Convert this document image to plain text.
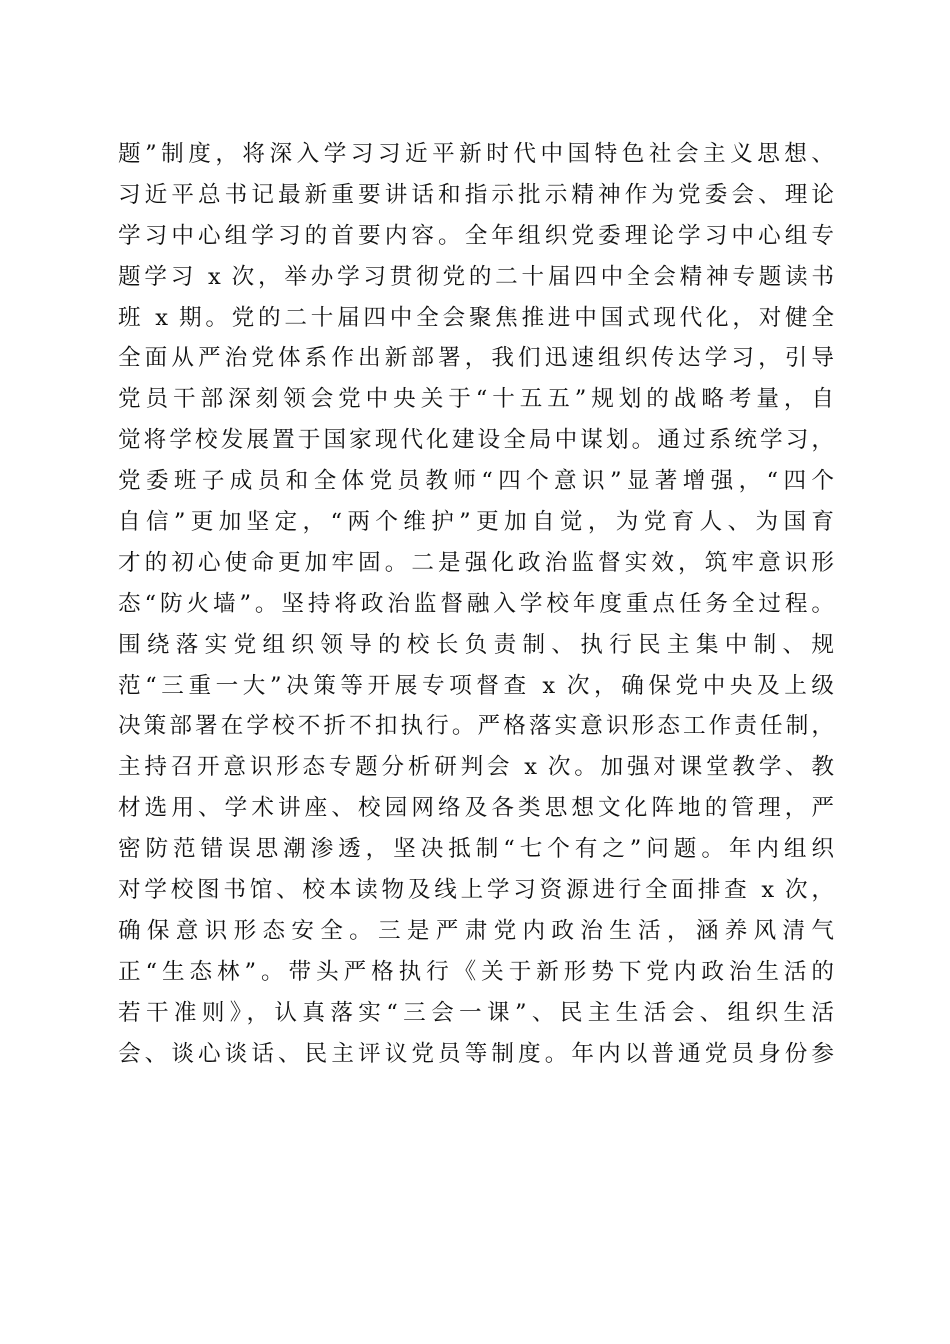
题”制度，将深入学习习近平新时代中国特色社会主义思想、
习近平总书记最新重要讲话和指示批示精神作为党委会、理论
学习中心组学习的首要内容。全年组织党委理论学习中心组专
题学习 x 次，举办学习贯彻党的二十届四中全会精神专题读书
班 x 期。党的二十届四中全会聚焦推进中国式现代化，对健全
全面从严治党体系作出新部署，我们迅速组织传达学习，引导
党员干部深刻领会党中央关于“十五五”规划的战略考量，自
觉将学校发展置于国家现代化建设全局中谋划。通过系统学习，
党委班子成员和全体党员教师“四个意识”显著增强，“四个
自信”更加坚定，“两个维护”更加自觉，为党育人、为国育
才的初心使命更加牢固。二是强化政治监督实效，筑牢意识形
态“防火墙”。坚持将政治监督融入学校年度重点任务全过程。
围绕落实党组织领导的校长负责制、执行民主集中制、规
范“三重一大”决策等开展专项督查 x 次，确保党中央及上级
决策部署在学校不折不扣执行。严格落实意识形态工作责任制，
主持召开意识形态专题分析研判会 x 次。加强对课堂教学、教
材选用、学术讲座、校园网络及各类思想文化阵地的管理，严
密防范错误思潮渗透，坚决抵制“七个有之”问题。年内组织
对学校图书馆、校本读物及线上学习资源进行全面排查 x 次，
确保意识形态安全。三是严肃党内政治生活，涵养风清气
正“生态林”。带头严格执行《关于新形势下党内政治生活的
若干准则》，认真落实“三会一课”、民主生活会、组织生活
会、谈心谈话、民主评议党员等制度。年内以普通党员身份参
